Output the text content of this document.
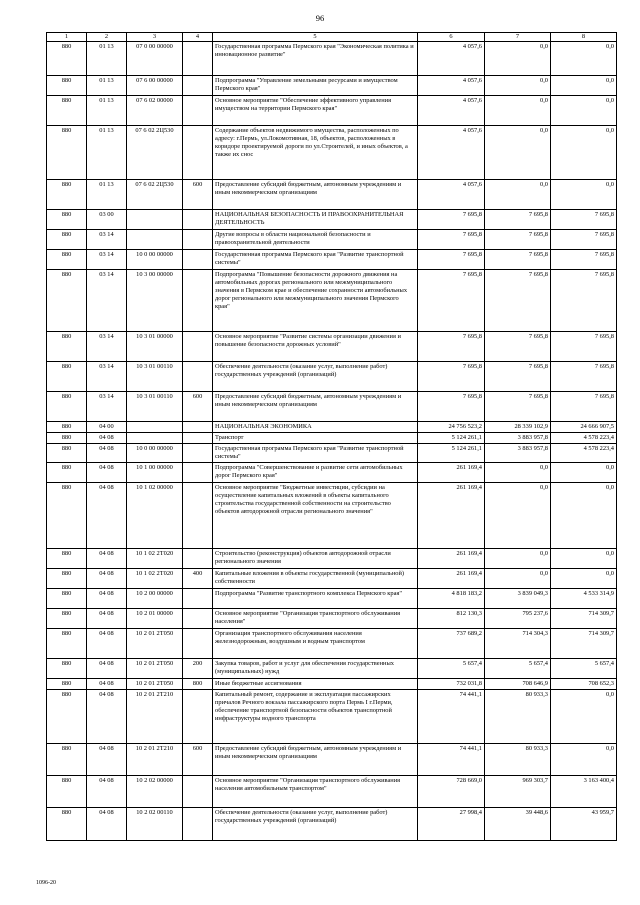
96
1	2	3	4	5	6	7	8
880	01 13	07 0 00 00000		Государственная программа Пермского края "Экономическая политика и инновационное развитие"	4 057,6	0,0	0,0
880	01 13	07 6 00 00000		Подпрограмма "Управление земельными ресурсами и имуществом Пермского края"	4 057,6	0,0	0,0
880	01 13	07 6 02 00000		Основное мероприятие "Обеспечение эффективного управления имуществом на территории Пермского края"	4 057,6	0,0	0,0
880	01 13	07 6 02 2Ц530		Содержание объектов недвижимого имущества, расположенных по адресу: г.Пермь, ул.Локомотивная, 18, объектов, расположенных в коридоре проектируемой дороги по ул.Строителей, и иных объектов, а также их снос	4 057,6	0,0	0,0
880	01 13	07 6 02 2Ц530	600	Предоставление субсидий бюджетным, автономным учреждениям и иным некоммерческим организациям	4 057,6	0,0	0,0
880	03 00			НАЦИОНАЛЬНАЯ БЕЗОПАСНОСТЬ И ПРАВООХРАНИТЕЛЬНАЯ ДЕЯТЕЛЬНОСТЬ	7 695,8	7 695,8	7 695,8
880	03 14			Другие вопросы в области национальной безопасности и правоохранительной деятельности	7 695,8	7 695,8	7 695,8
880	03 14	10 0 00 00000		Государственная программа Пермского края "Развитие транспортной системы"	7 695,8	7 695,8	7 695,8
880	03 14	10 3 00 00000		Подпрограмма "Повышение безопасности дорожного движения на автомобильных дорогах регионального или межмуниципального значения в Пермском крае и обеспечение сохранности автомобильных дорог регионального или межмуниципального значения Пермского края"	7 695,8	7 695,8	7 695,8
880	03 14	10 3 01 00000		Основное мероприятие "Развитие системы организации движения и повышение безопасности дорожных условий"	7 695,8	7 695,8	7 695,8
880	03 14	10 3 01 00110		Обеспечение деятельности (оказание услуг, выполнение работ) государственных учреждений (организаций)	7 695,8	7 695,8	7 695,8
880	03 14	10 3 01 00110	600	Предоставление субсидий бюджетным, автономным учреждениям и иным некоммерческим организациям	7 695,8	7 695,8	7 695,8
880	04 00			НАЦИОНАЛЬНАЯ ЭКОНОМИКА	24 756 523,2	28 339 102,9	24 666 907,5
880	04 08			Транспорт	5 124 261,1	3 883 957,8	4 578 223,4
880	04 08	10 0 00 00000		Государственная программа Пермского края "Развитие транспортной системы"	5 124 261,1	3 883 957,8	4 578 223,4
880	04 08	10 1 00 00000		Подпрограмма "Совершенствование и развитие сети автомобильных дорог Пермского края"	261 169,4	0,0	0,0
880	04 08	10 1 02 00000		Основное мероприятие "Бюджетные инвестиции, субсидии на осуществление капитальных вложений в объекты капитального строительства государственной собственности на строительство объектов автодорожной отрасли регионального значения"	261 169,4	0,0	0,0
880	04 08	10 1 02 2Т020		Строительство (реконструкция) объектов автодорожной отрасли регионального значения	261 169,4	0,0	0,0
880	04 08	10 1 02 2Т020	400	Капитальные вложения в объекты государственной (муниципальной) собственности	261 169,4	0,0	0,0
880	04 08	10 2 00 00000		Подпрограмма "Развитие транспортного комплекса Пермского края"	4 818 183,2	3 839 049,3	4 533 314,9
880	04 08	10 2 01 00000		Основное мероприятие "Организация транспортного обслуживания населения"	812 130,3	795 237,6	714 309,7
880	04 08	10 2 01 2Т050		Организация транспортного обслуживания населения железнодорожным, воздушным и водным транспортом	737 689,2	714 304,3	714 309,7
880	04 08	10 2 01 2Т050	200	Закупка товаров, работ и услуг для обеспечения государственных (муниципальных) нужд	5 657,4	5 657,4	5 657,4
880	04 08	10 2 01 2Т050	800	Иные бюджетные ассигнования	732 031,8	708 646,9	708 652,3
880	04 08	10 2 01 2Т210		Капитальный ремонт, содержание и эксплуатация пассажирских причалов Речного вокзала пассажирского порта Пермь I г.Перми, обеспечение транспортной безопасности объектов транспортной инфраструктуры водного транспорта	74 441,1	80 933,3	0,0
880	04 08	10 2 01 2Т210	600	Предоставление субсидий бюджетным, автономным учреждениям и иным некоммерческим организациям	74 441,1	80 933,3	0,0
880	04 08	10 2 02 00000		Основное мероприятие "Организация транспортного обслуживания населения автомобильным транспортом"	728 669,0	969 303,7	3 163 400,4
880	04 08	10 2 02 00110		Обеспечение деятельности (оказание услуг, выполнение работ) государственных учреждений (организаций)	27 998,4	39 448,6	43 959,7
1096-20
